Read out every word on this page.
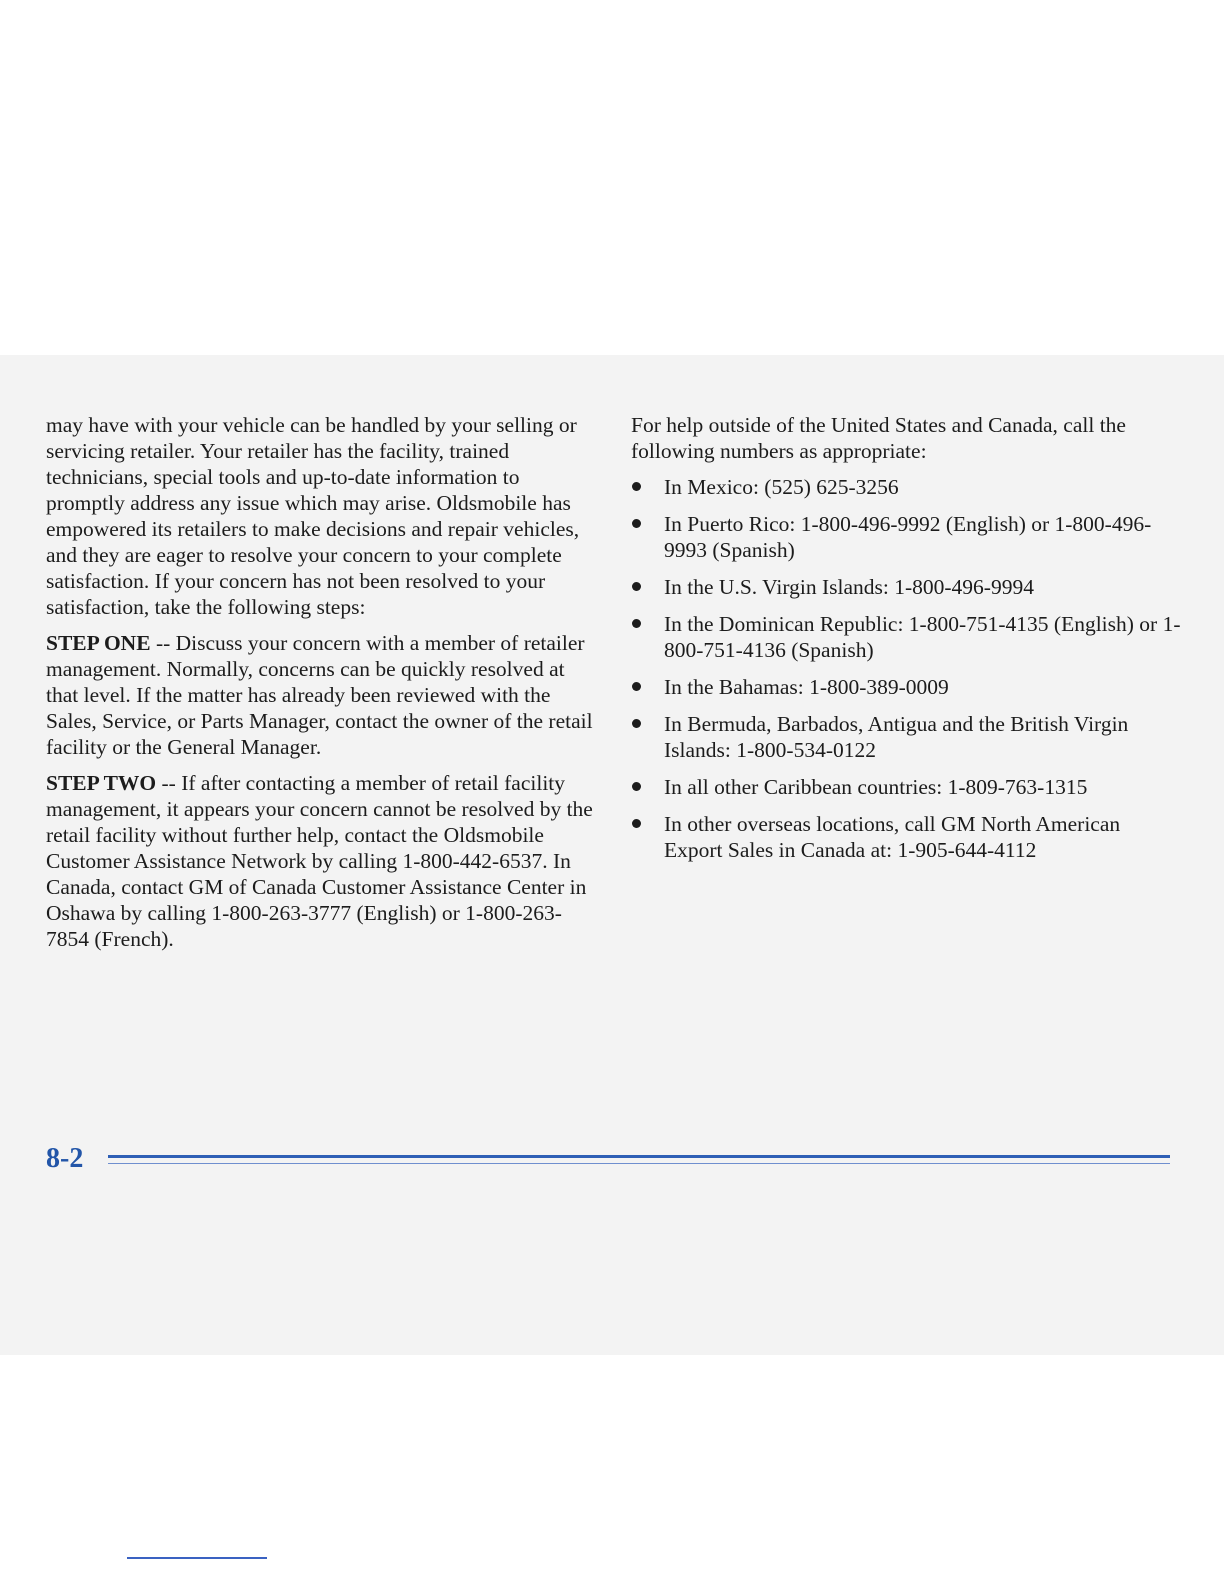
may have with your vehicle can be handled by your selling or servicing retailer. Your retailer has the facility, trained technicians, special tools and up-to-date information to promptly address any issue which may arise. Oldsmobile has empowered its retailers to make decisions and repair vehicles, and they are eager to resolve your concern to your complete satisfaction. If your concern has not been resolved to your satisfaction, take the following steps:

STEP ONE -- Discuss your concern with a member of retailer management. Normally, concerns can be quickly resolved at that level. If the matter has already been reviewed with the Sales, Service, or Parts Manager, contact the owner of the retail facility or the General Manager.

STEP TWO -- If after contacting a member of retail facility management, it appears your concern cannot be resolved by the retail facility without further help, contact the Oldsmobile Customer Assistance Network by calling 1-800-442-6537. In Canada, contact GM of Canada Customer Assistance Center in Oshawa by calling 1-800-263-3777 (English) or 1-800-263-7854 (French).

For help outside of the United States and Canada, call the following numbers as appropriate:

In Mexico: (525) 625-3256
In Puerto Rico: 1-800-496-9992 (English) or 1-800-496-9993 (Spanish)
In the U.S. Virgin Islands: 1-800-496-9994
In the Dominican Republic: 1-800-751-4135 (English) or 1-800-751-4136 (Spanish)
In the Bahamas: 1-800-389-0009
In Bermuda, Barbados, Antigua and the British Virgin Islands: 1-800-534-0122
In all other Caribbean countries: 1-809-763-1315
In other overseas locations, call GM North American Export Sales in Canada at: 1-905-644-4112
8-2
